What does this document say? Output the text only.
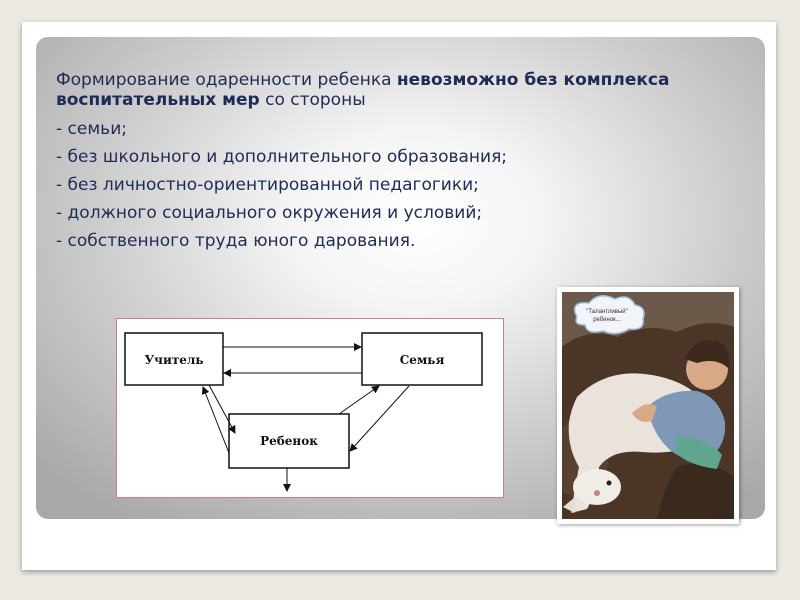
Формирование одаренности ребенка невозможно без комплекса воспитательных мер со стороны

- семьи;

- без школьного и дополнительного образования;

- без личностно-ориентированной педагогики;

- должного социального окружения и условий;

- собственного труда юного дарования.

Учитель	Семья
Ребенок
"Талантливый"
ребенок...
